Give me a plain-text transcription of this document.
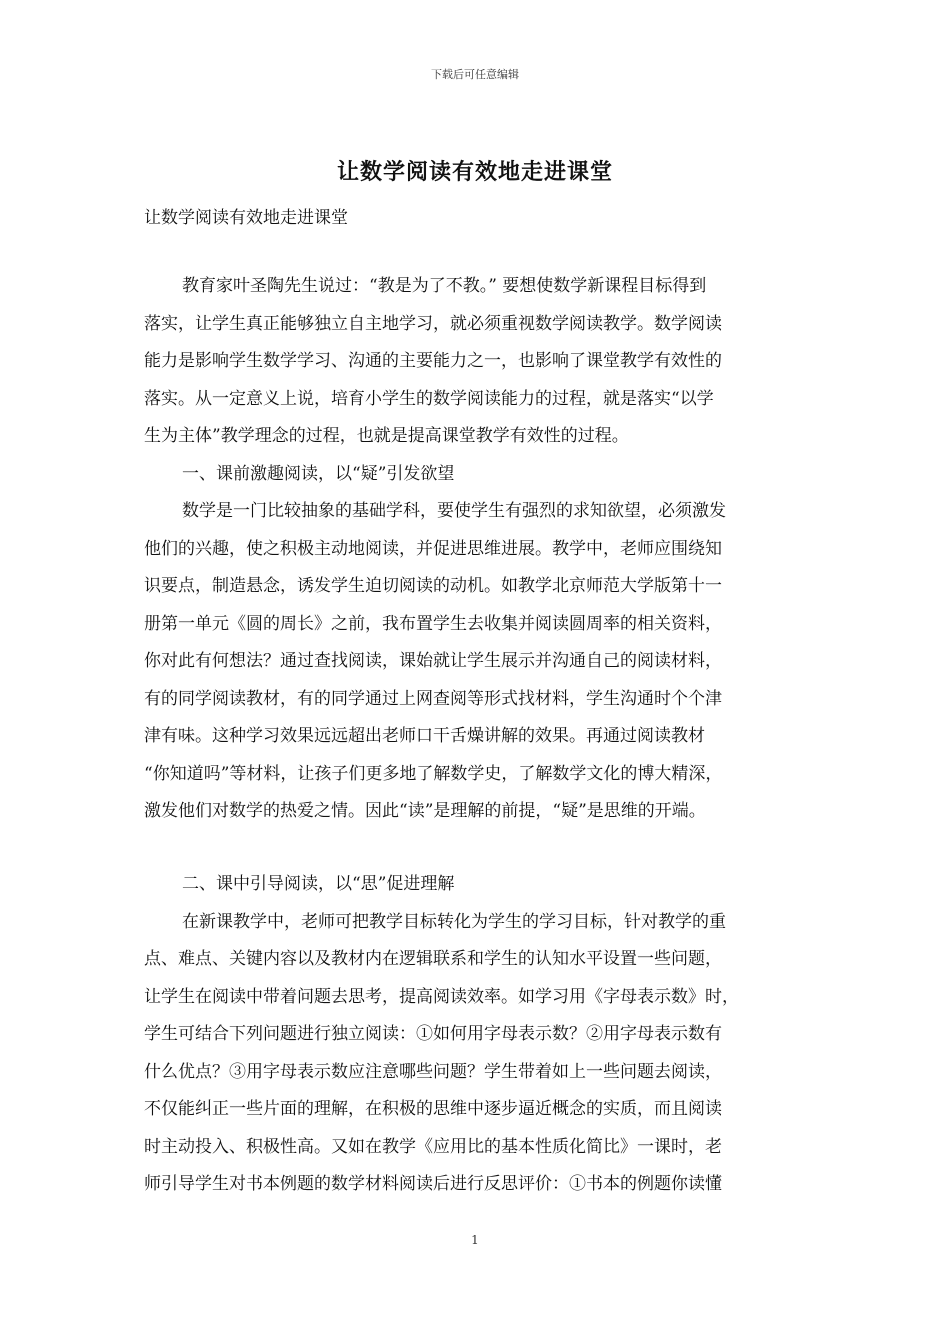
下载后可任意编辑
让数学阅读有效地走进课堂
让数学阅读有效地走进课堂
教育家叶圣陶先生说过：“教是为了不教。” 要想使数学新课程目标得到
落实，让学生真正能够独立自主地学习，就必须重视数学阅读教学。数学阅读
能力是影响学生数学学习、沟通的主要能力之一，也影响了课堂教学有效性的
落实。从一定意义上说，培育小学生的数学阅读能力的过程，就是落实“以学
生为主体”教学理念的过程，也就是提高课堂教学有效性的过程。
一、课前激趣阅读，以“疑”引发欲望
数学是一门比较抽象的基础学科，要使学生有强烈的求知欲望，必须激发
他们的兴趣，使之积极主动地阅读，并促进思维进展。教学中，老师应围绕知
识要点，制造悬念，诱发学生迫切阅读的动机。如教学北京师范大学版第十一
册第一单元《圆的周长》之前，我布置学生去收集并阅读圆周率的相关资料，
你对此有何想法？通过查找阅读，课始就让学生展示并沟通自己的阅读材料，
有的同学阅读教材，有的同学通过上网查阅等形式找材料，学生沟通时个个津
津有味。这种学习效果远远超出老师口干舌燥讲解的效果。再通过阅读教材
“你知道吗”等材料，让孩子们更多地了解数学史，了解数学文化的博大精深，
激发他们对数学的热爱之情。因此“读”是理解的前提，“疑”是思维的开端。
二、课中引导阅读，以“思”促进理解
在新课教学中，老师可把教学目标转化为学生的学习目标，针对教学的重
点、难点、关键内容以及教材内在逻辑联系和学生的认知水平设置一些问题，
让学生在阅读中带着问题去思考，提高阅读效率。如学习用《字母表示数》时，
学生可结合下列问题进行独立阅读：①如何用字母表示数？②用字母表示数有
什么优点？③用字母表示数应注意哪些问题？学生带着如上一些问题去阅读，
不仅能纠正一些片面的理解，在积极的思维中逐步逼近概念的实质，而且阅读
时主动投入、积极性高。又如在教学《应用比的基本性质化简比》一课时，老
师引导学生对书本例题的数学材料阅读后进行反思评价：①书本的例题你读懂
1
